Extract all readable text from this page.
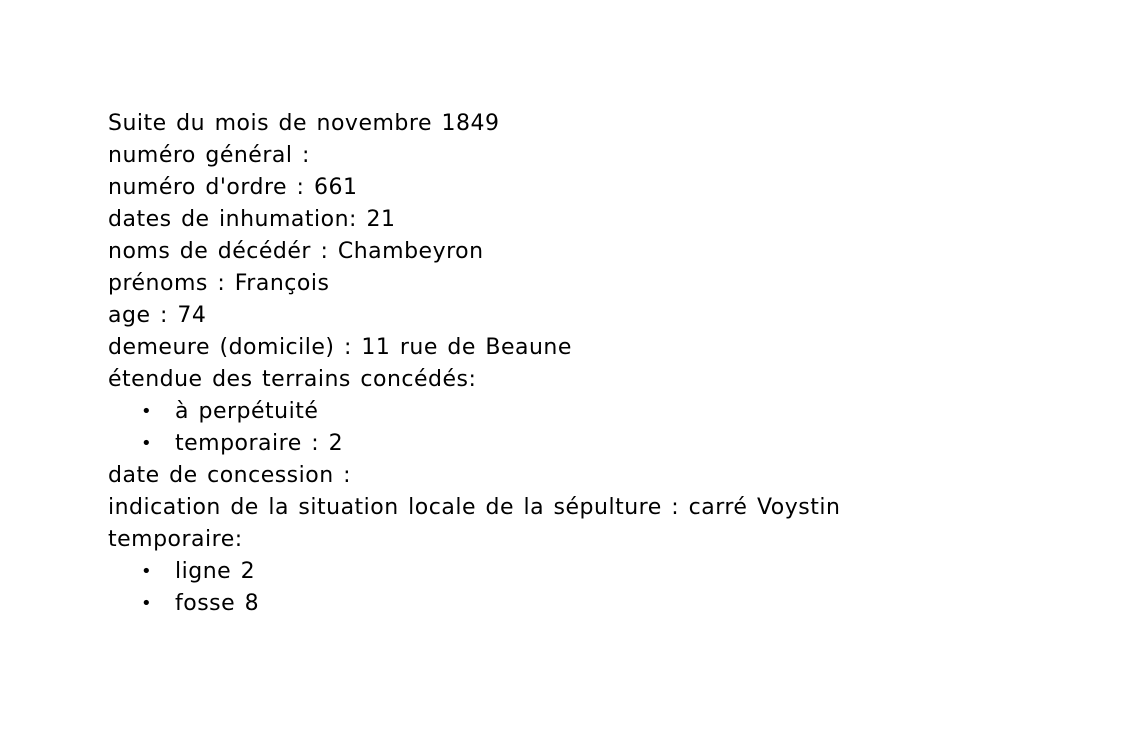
Suite du mois de novembre 1849

numéro général :

numéro d'ordre : 661

dates de inhumation: 21

noms de décédér : Chambeyron

prénoms : François

age : 74

demeure (domicile) : 11 rue de Beaune

étendue des terrains concédés:

• à perpétuité
• temporaire : 2

date de concession :

indication de la situation locale de la sépulture : carré Voystin

temporaire:

• ligne 2
• fosse 8
